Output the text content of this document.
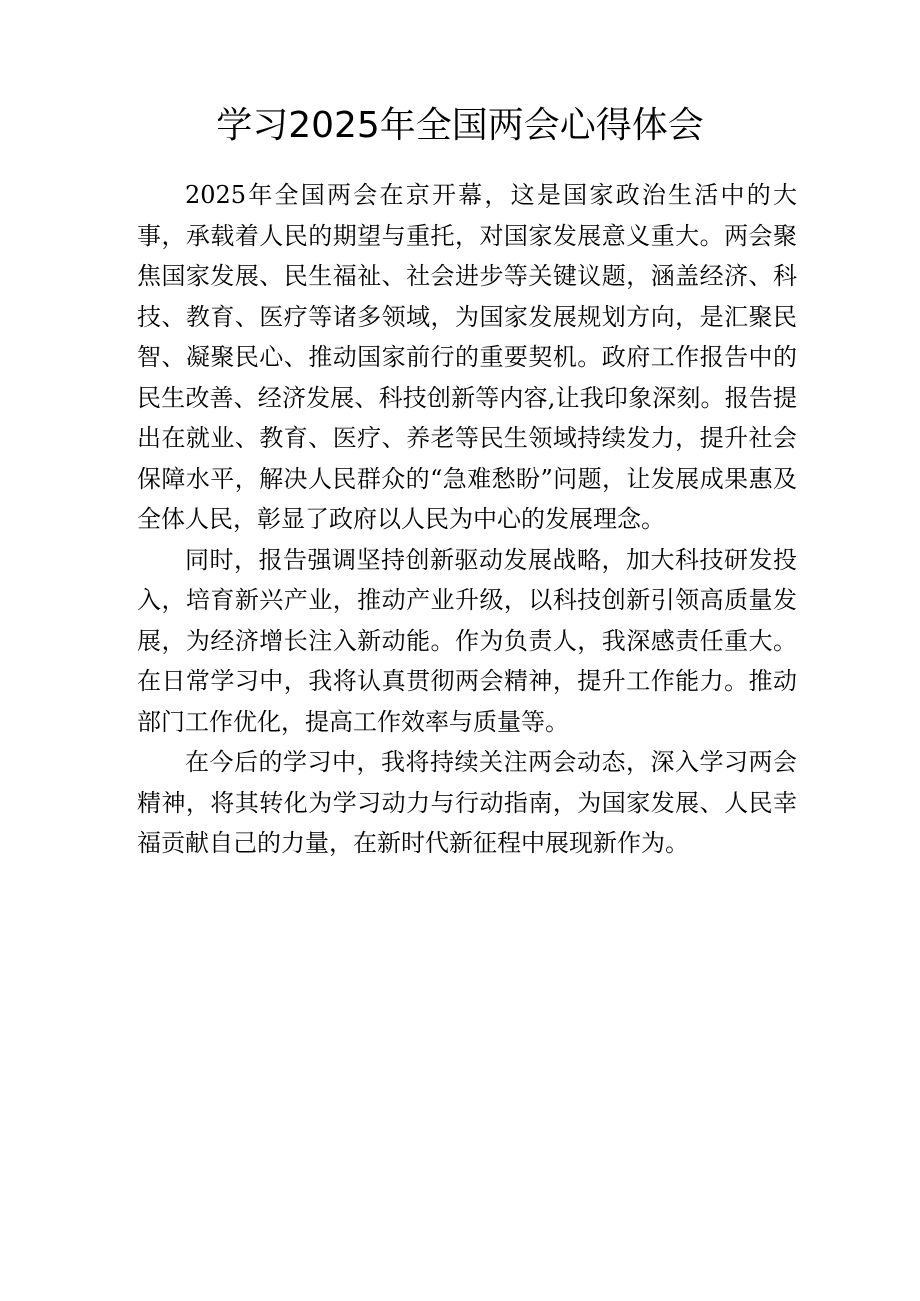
学习2025年全国两会心得体会

2025年全国两会在京开幕，这是国家政治生活中的大事，承载着人民的期望与重托，对国家发展意义重大。两会聚焦国家发展、民生福祉、社会进步等关键议题，涵盖经济、科技、教育、医疗等诸多领域，为国家发展规划方向，是汇聚民智、凝聚民心、推动国家前行的重要契机。政府工作报告中的民生改善、经济发展、科技创新等内容,让我印象深刻。报告提出在就业、教育、医疗、养老等民生领域持续发力，提升社会保障水平，解决人民群众的“急难愁盼”问题，让发展成果惠及全体人民，彰显了政府以人民为中心的发展理念。

同时，报告强调坚持创新驱动发展战略，加大科技研发投入，培育新兴产业，推动产业升级，以科技创新引领高质量发展，为经济增长注入新动能。作为负责人，我深感责任重大。在日常学习中，我将认真贯彻两会精神，提升工作能力。推动部门工作优化，提高工作效率与质量等。

在今后的学习中，我将持续关注两会动态，深入学习两会精神，将其转化为学习动力与行动指南，为国家发展、人民幸福贡献自己的力量，在新时代新征程中展现新作为。
